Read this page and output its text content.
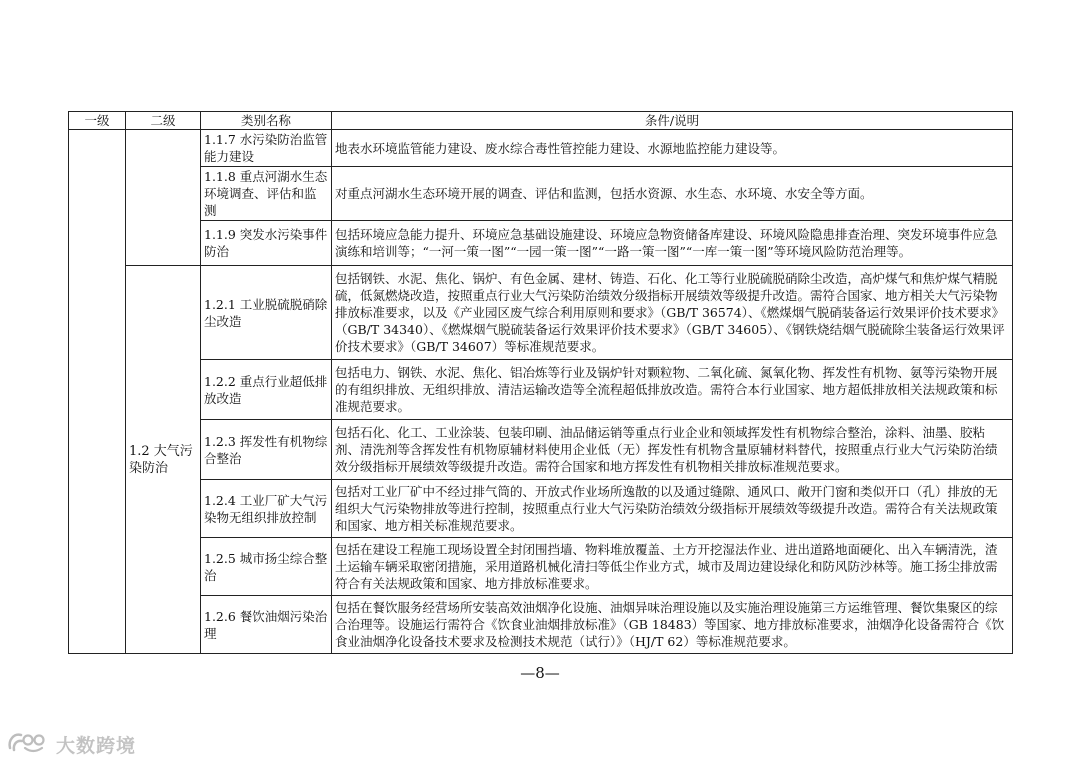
一级	二级	类别名称	条件/说明
		1.1.7 水污染防治监管能力建设	地表水环境监管能力建设、废水综合毒性管控能力建设、水源地监控能力建设等。
		1.1.8 重点河湖水生态环境调查、评估和监测	对重点河湖水生态环境开展的调查、评估和监测，包括水资源、水生态、水环境、水安全等方面。
		1.1.9 突发水污染事件防治	包括环境应急能力提升、环境应急基础设施建设、环境应急物资储备库建设、环境风险隐患排查治理、突发环境事件应急演练和培训等；“一河一策一图”“一园一策一图”“一路一策一图”“一库一策一图”等环境风险防范治理等。
	1.2 大气污染防治	1.2.1 工业脱硫脱硝除尘改造	包括钢铁、水泥、焦化、锅炉、有色金属、建材、铸造、石化、化工等行业脱硫脱硝除尘改造，高炉煤气和焦炉煤气精脱硫，低氮燃烧改造，按照重点行业大气污染防治绩效分级指标开展绩效等级提升改造。需符合国家、地方相关大气污染物排放标准要求，以及《产业园区废气综合利用原则和要求》（GB/T 36574）、《燃煤烟气脱硝装备运行效果评价技术要求》（GB/T 34340）、《燃煤烟气脱硫装备运行效果评价技术要求》（GB/T 34605）、《钢铁烧结烟气脱硫除尘装备运行效果评价技术要求》（GB/T 34607）等标准规范要求。
		1.2.2 重点行业超低排放改造	包括电力、钢铁、水泥、焦化、铝冶炼等行业及锅炉针对颗粒物、二氧化硫、氮氧化物、挥发性有机物、氨等污染物开展的有组织排放、无组织排放、清洁运输改造等全流程超低排放改造。需符合本行业国家、地方超低排放相关法规政策和标准规范要求。
		1.2.3 挥发性有机物综合整治	包括石化、化工、工业涂装、包装印刷、油品储运销等重点行业企业和领域挥发性有机物综合整治，涂料、油墨、胶粘剂、清洗剂等含挥发性有机物原辅材料使用企业低（无）挥发性有机物含量原辅材料替代，按照重点行业大气污染防治绩效分级指标开展绩效等级提升改造。需符合国家和地方挥发性有机物相关排放标准规范要求。
		1.2.4 工业厂矿大气污染物无组织排放控制	包括对工业厂矿中不经过排气筒的、开放式作业场所逸散的以及通过缝隙、通风口、敞开门窗和类似开口（孔）排放的无组织大气污染物排放等进行控制，按照重点行业大气污染防治绩效分级指标开展绩效等级提升改造。需符合有关法规政策和国家、地方相关标准规范要求。
		1.2.5 城市扬尘综合整治	包括在建设工程施工现场设置全封闭围挡墙、物料堆放覆盖、土方开挖湿法作业、进出道路地面硬化、出入车辆清洗，渣土运输车辆采取密闭措施，采用道路机械化清扫等低尘作业方式，城市及周边建设绿化和防风防沙林等。施工扬尘排放需符合有关法规政策和国家、地方排放标准要求。
		1.2.6 餐饮油烟污染治理	包括在餐饮服务经营场所安装高效油烟净化设施、油烟异味治理设施以及实施治理设施第三方运维管理、餐饮集聚区的综合治理等。设施运行需符合《饮食业油烟排放标准》（GB 18483）等国家、地方排放标准要求，油烟净化设备需符合《饮食业油烟净化设备技术要求及检测技术规范（试行）》（HJ/T 62）等标准规范要求。
—8—
大数跨境
